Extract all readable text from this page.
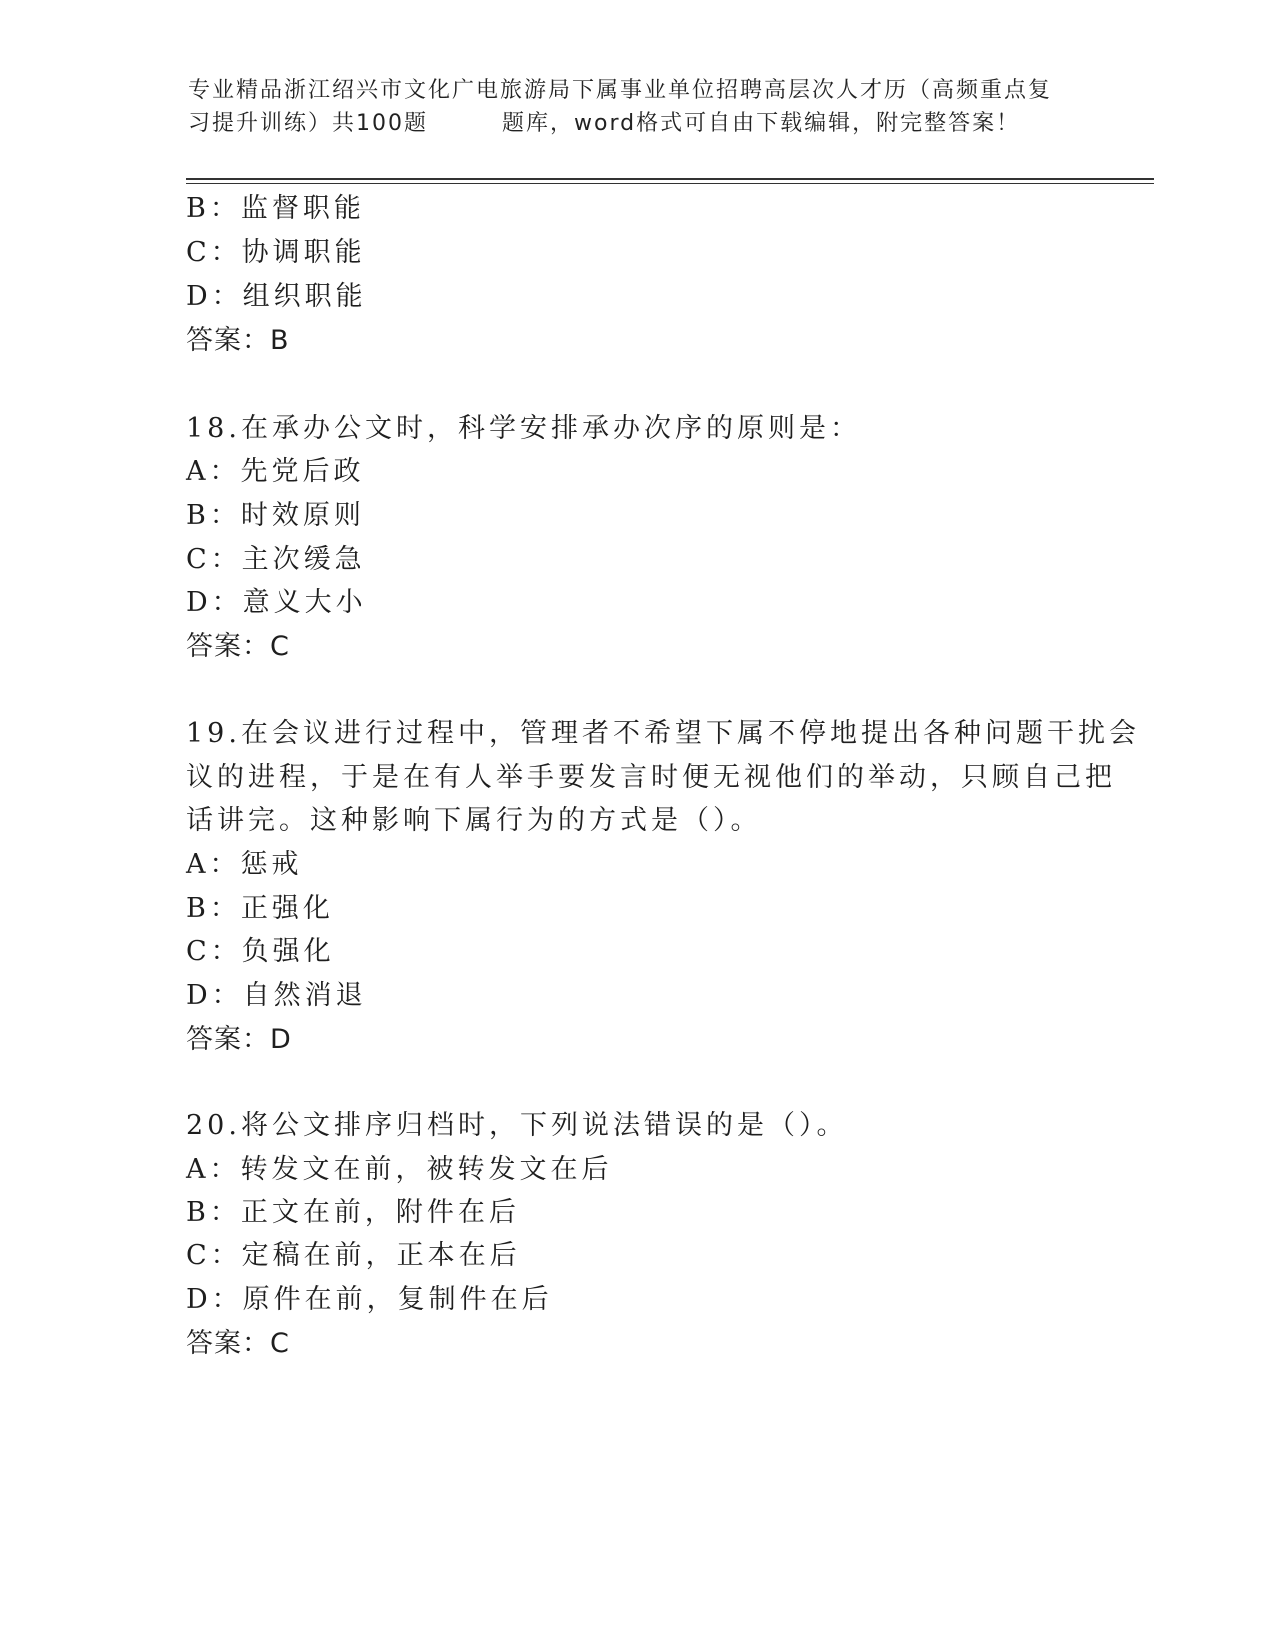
专业精品浙江绍兴市文化广电旅游局下属事业单位招聘高层次人才历（高频重点复
习提升训练）共100题	题库，word格式可自由下载编辑，附完整答案！
B：监督职能
C：协调职能
D：组织职能
答案：B
18.在承办公文时，科学安排承办次序的原则是：
A：先党后政
B：时效原则
C：主次缓急
D：意义大小
答案：C
19.在会议进行过程中，管理者不希望下属不停地提出各种问题干扰会
议的进程，于是在有人举手要发言时便无视他们的举动，只顾自己把
话讲完。这种影响下属行为的方式是（）。
A：惩戒
B：正强化
C：负强化
D：自然消退
答案：D
20.将公文排序归档时，下列说法错误的是（）。
A：转发文在前，被转发文在后
B：正文在前，附件在后
C：定稿在前，正本在后
D：原件在前，复制件在后
答案：C
